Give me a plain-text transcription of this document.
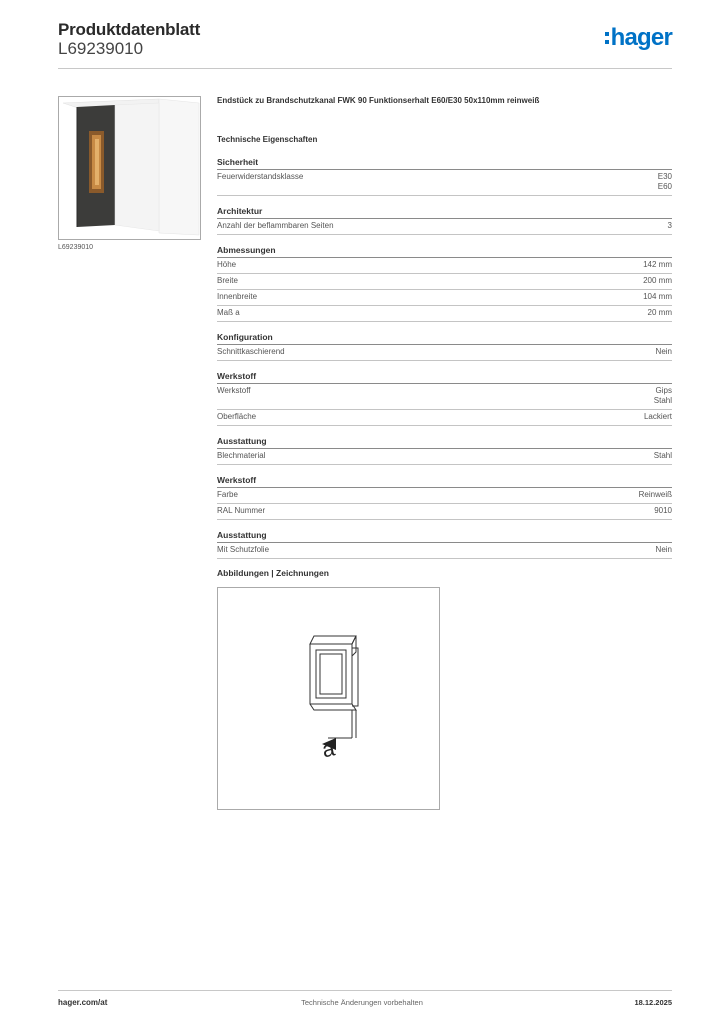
Produktdatenblatt
L69239010	hager
L69239010
Endstück zu Brandschutzkanal FWK 90 Funktionserhalt E60/E30 50x110mm reinweiß
Technische Eigenschaften
Sicherheit
Feuerwiderstandsklasse	E30
E60
Architektur
Anzahl der beflammbaren Seiten	3
Abmessungen
Höhe	142 mm
Breite	200 mm
Innenbreite	104 mm
Maß a	20 mm
Konfiguration
Schnittkaschierend	Nein
Werkstoff
Werkstoff	Gips
Stahl
Oberfläche	Lackiert
Ausstattung
Blechmaterial	Stahl
Werkstoff
Farbe	Reinweiß
RAL Nummer	9010
Ausstattung
Mit Schutzfolie	Nein
Abbildungen | Zeichnungen
a
hager.com/at	Technische Änderungen vorbehalten	18.12.2025
